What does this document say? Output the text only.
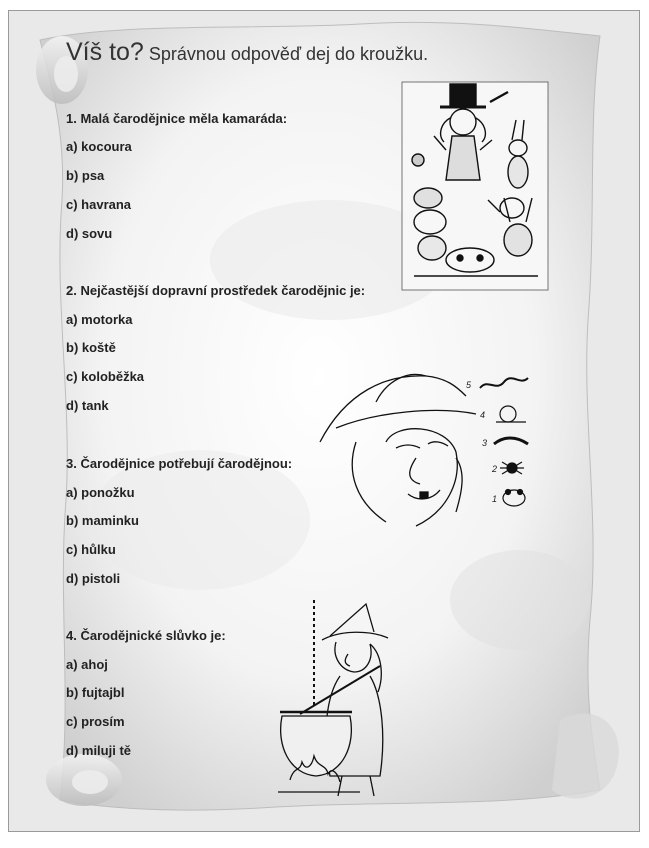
Víš to? Správnou odpověď dej do kroužku.
1. Malá čarodějnice měla kamaráda:
a) kocoura
b) psa
c) havrana
d) sovu
2. Nejčastější dopravní prostředek čarodějnic je:
a) motorka
b) koště
c) koloběžka
d) tank
3. Čarodějnice potřebují čarodějnou:
a) ponožku
b) maminku
c) hůlku
d) pistoli
4. Čarodějnické slůvko je:
a) ahoj
b) fujtajbl
c) prosím
d) miluji tě
5
4
3
2
1
